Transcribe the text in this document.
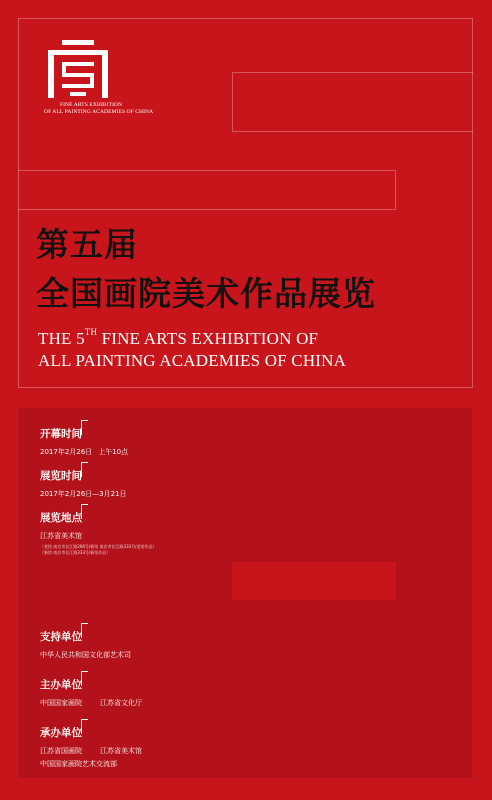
FINE ARTS EXHIBITION
OF ALL PAINTING ACADEMIES OF CHINA
第五届
全国画院美术作品展览
THE 5TH FINE ARTS EXHIBITION OF
ALL PAINTING ACADEMIES OF CHINA
开幕时间
2017年2月26日 上午10点
展览时间
2017年2月26日—3月21日
展览地点
江苏省美术馆
（老馆 南京市长江路266号/新馆 南京市长江路333号/老馆作品）
（新馆 南京市长江路333号/新馆作品）
支持单位
中华人民共和国文化部艺术司
主办单位
中国国家画院	江苏省文化厅
承办单位
江苏省国画院	江苏省美术馆
中国国家画院艺术交流部
